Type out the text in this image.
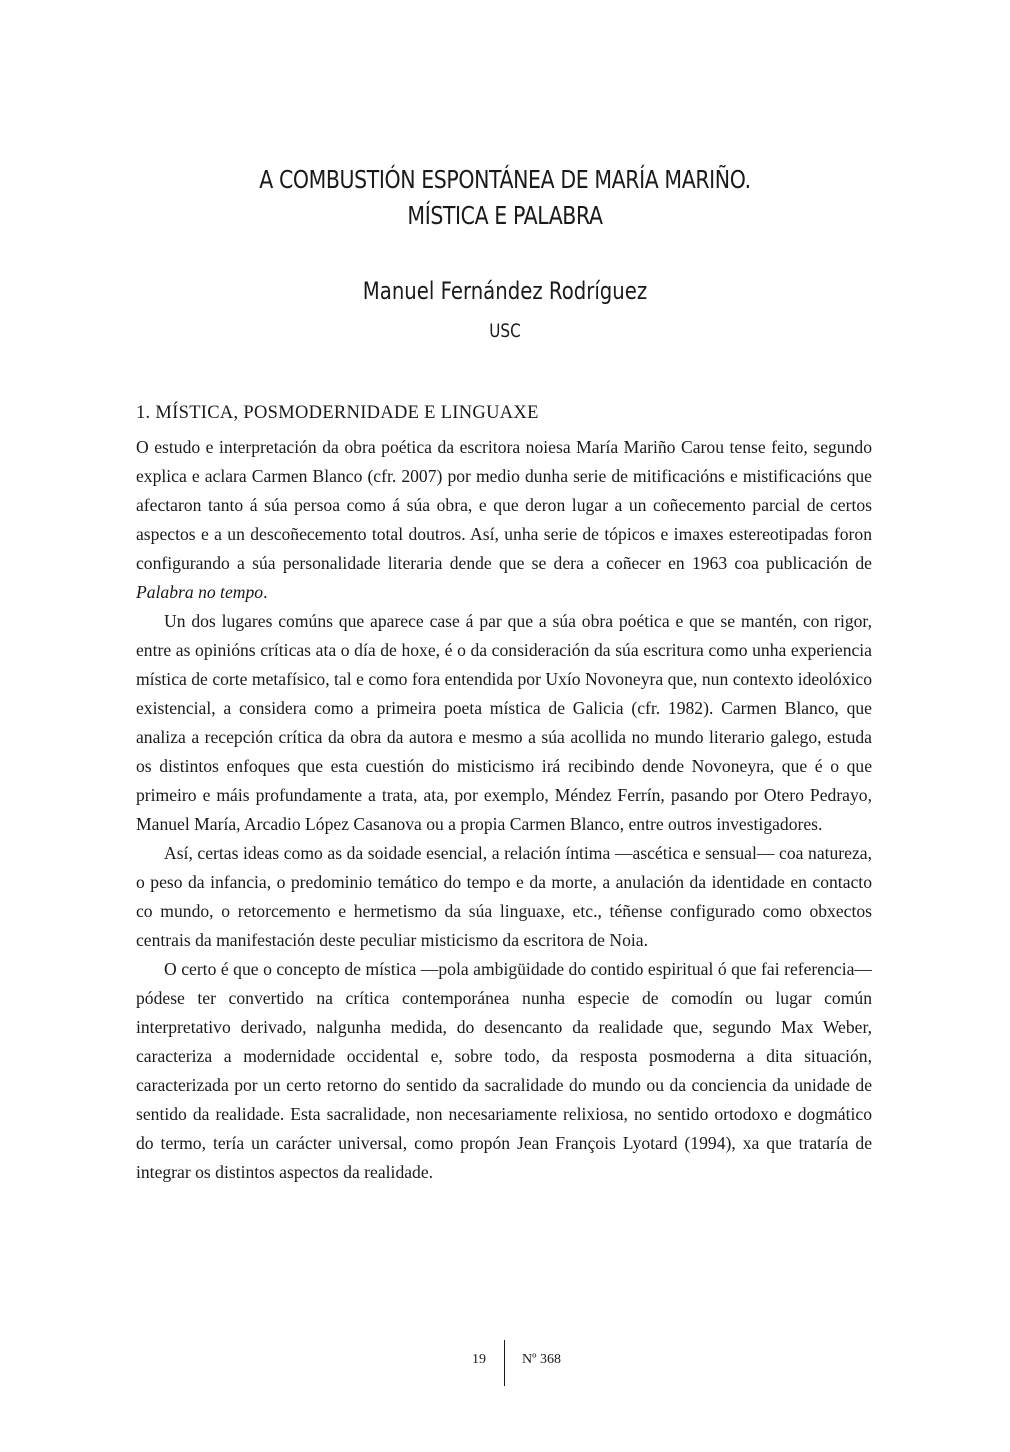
A COMBUSTIÓN ESPONTÁNEA DE MARÍA MARIÑO.
MÍSTICA E PALABRA
Manuel Fernández Rodríguez
USC
1. MÍSTICA, POSMODERNIDADE E LINGUAXE

O estudo e interpretación da obra poética da escritora noiesa María Mariño Carou tense feito, segundo explica e aclara Carmen Blanco (cfr. 2007) por medio dunha serie de mitificacións e mistificacións que afectaron tanto á súa persoa como á súa obra, e que deron lugar a un coñecemento parcial de certos aspectos e a un descoñecemento total doutros. Así, unha serie de tópicos e imaxes estereotipadas foron configurando a súa personalidade literaria dende que se dera a coñecer en 1963 coa publicación de Palabra no tempo.

Un dos lugares comúns que aparece case á par que a súa obra poética e que se mantén, con rigor, entre as opinións críticas ata o día de hoxe, é o da consideración da súa escritura como unha experiencia mística de corte metafísico, tal e como fora entendida por Uxío Novoneyra que, nun contexto ideolóxico existencial, a considera como a primeira poeta mística de Galicia (cfr. 1982). Carmen Blanco, que analiza a recepción crítica da obra da autora e mesmo a súa acollida no mundo literario galego, estuda os distintos enfoques que esta cuestión do misticismo irá recibindo dende Novoneyra, que é o que primeiro e máis profundamente a trata, ata, por exemplo, Méndez Ferrín, pasando por Otero Pedrayo, Manuel María, Arcadio López Casanova ou a propia Carmen Blanco, entre outros investigadores.

Así, certas ideas como as da soidade esencial, a relación íntima —ascética e sensual— coa natureza, o peso da infancia, o predominio temático do tempo e da morte, a anulación da identidade en contacto co mundo, o retorcemento e hermetismo da súa linguaxe, etc., téñense configurado como obxectos centrais da manifestación deste peculiar misticismo da escritora de Noia.

O certo é que o concepto de mística —pola ambigüidade do contido espiritual ó que fai referencia— pódese ter convertido na crítica contemporánea nunha especie de comodín ou lugar común interpretativo derivado, nalgunha medida, do desencanto da realidade que, segundo Max Weber, caracteriza a modernidade occidental e, sobre todo, da resposta posmoderna a dita situación, caracterizada por un certo retorno do sentido da sacralidade do mundo ou da conciencia da unidade de sentido da realidade. Esta sacralidade, non necesariamente relixiosa, no sentido ortodoxo e dogmático do termo, tería un carácter universal, como propón Jean François Lyotard (1994), xa que trataría de integrar os distintos aspectos da realidade.

19	Nº 368
